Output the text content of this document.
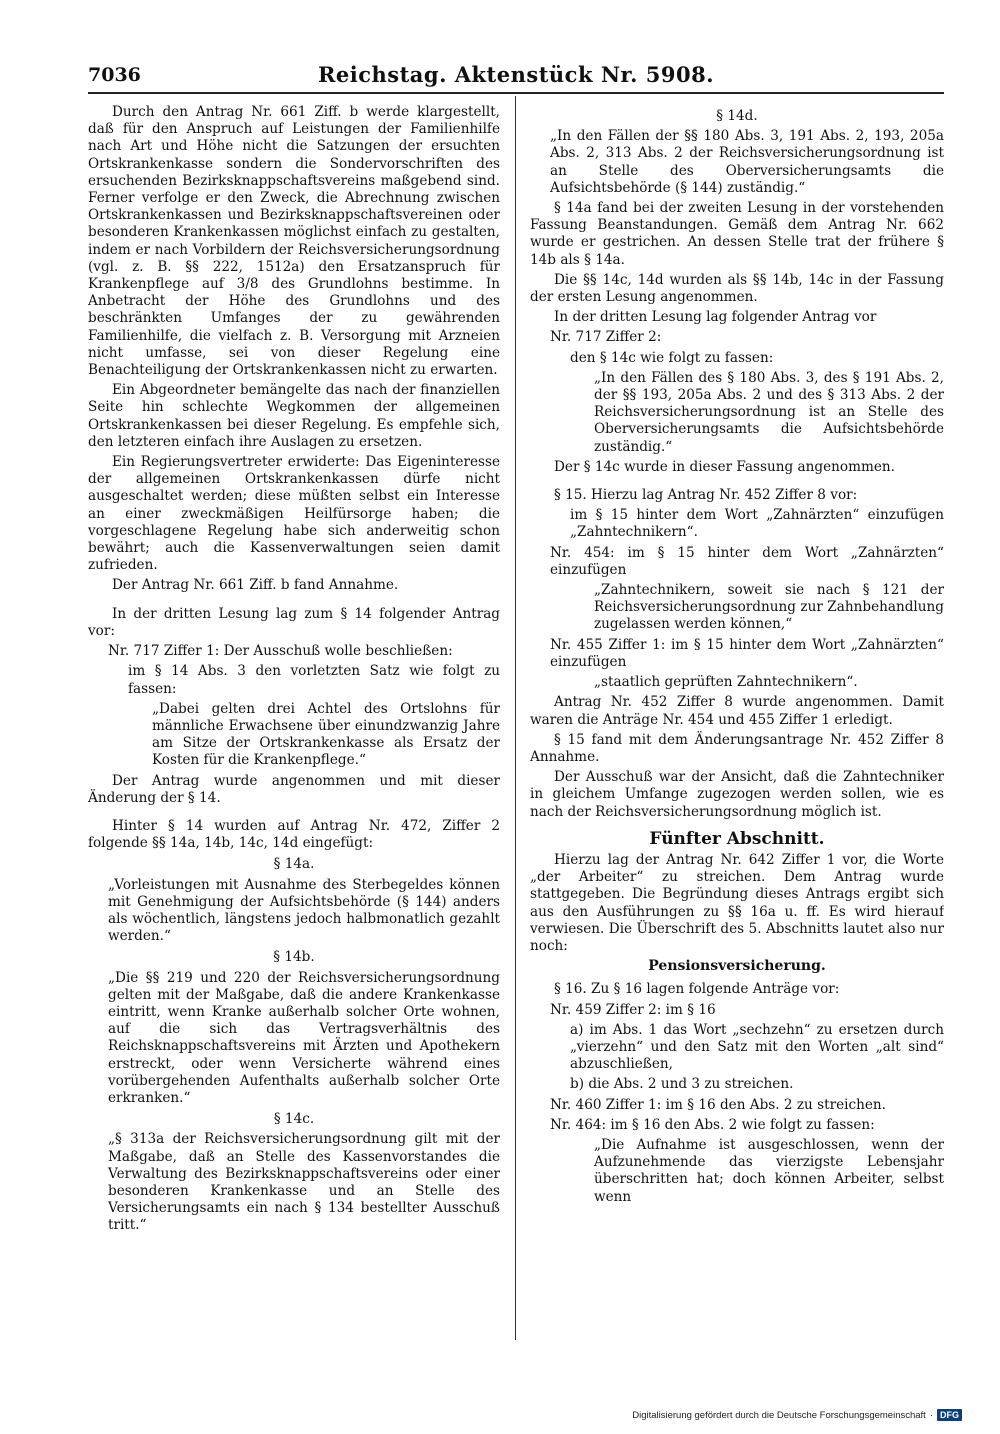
7036	Reichstag. Aktenstück Nr. 5908.
Durch den Antrag Nr. 661 Ziff. b werde klargestellt, daß für den Anspruch auf Leistungen der Familienhilfe nach Art und Höhe nicht die Satzungen der ersuchten Ortskrankenkasse sondern die Sondervorschriften des ersuchenden Bezirksknappschaftsvereins maßgebend sind. Ferner verfolge er den Zweck, die Abrechnung zwischen Ortskrankenkassen und Bezirksknappschaftsvereinen oder besonderen Krankenkassen möglichst einfach zu gestalten, indem er nach Vorbildern der Reichsversicherungsordnung (vgl. z. B. §§ 222, 1512a) den Ersatzanspruch für Krankenpflege auf 3/8 des Grundlohns bestimme. In Anbetracht der Höhe des Grundlohns und des beschränkten Umfanges der zu gewährenden Familienhilfe, die vielfach z. B. Versorgung mit Arzneien nicht umfasse, sei von dieser Regelung eine Benachteiligung der Ortskrankenkassen nicht zu erwarten.
Ein Abgeordneter bemängelte das nach der finanziellen Seite hin schlechte Wegkommen der allgemeinen Ortskrankenkassen bei dieser Regelung. Es empfehle sich, den letzteren einfach ihre Auslagen zu ersetzen.
Ein Regierungsvertreter erwiderte: Das Eigeninteresse der allgemeinen Ortskrankenkassen dürfe nicht ausgeschaltet werden; diese müßten selbst ein Interesse an einer zweckmäßigen Heilfürsorge haben; die vorgeschlagene Regelung habe sich anderweitig schon bewährt; auch die Kassenverwaltungen seien damit zufrieden.
Der Antrag Nr. 661 Ziff. b fand Annahme.
In der dritten Lesung lag zum § 14 folgender Antrag vor:
Nr. 717 Ziffer 1: Der Ausschuß wolle beschließen:
im § 14 Abs. 3 den vorletzten Satz wie folgt zu fassen:
„Dabei gelten drei Achtel des Ortslohns für männliche Erwachsene über einundzwanzig Jahre am Sitze der Ortskrankenkasse als Ersatz der Kosten für die Krankenpflege.“
Der Antrag wurde angenommen und mit dieser Änderung der § 14.
Hinter § 14 wurden auf Antrag Nr. 472, Ziffer 2 folgende §§ 14a, 14b, 14c, 14d eingefügt:
§ 14a.
„Vorleistungen mit Ausnahme des Sterbegeldes können mit Genehmigung der Aufsichtsbehörde (§ 144) anders als wöchentlich, längstens jedoch halbmonatlich gezahlt werden.“
§ 14b.
„Die §§ 219 und 220 der Reichsversicherungsordnung gelten mit der Maßgabe, daß die andere Krankenkasse eintritt, wenn Kranke außerhalb solcher Orte wohnen, auf die sich das Vertragsverhältnis des Reichsknappschaftsvereins mit Ärzten und Apothekern erstreckt, oder wenn Versicherte während eines vorübergehenden Aufenthalts außerhalb solcher Orte erkranken.“
§ 14c.
„§ 313a der Reichsversicherungsordnung gilt mit der Maßgabe, daß an Stelle des Kassenvorstandes die Verwaltung des Bezirksknappschaftsvereins oder einer besonderen Krankenkasse und an Stelle des Versicherungsamts ein nach § 134 bestellter Ausschuß tritt.“
§ 14d.
„In den Fällen der §§ 180 Abs. 3, 191 Abs. 2, 193, 205a Abs. 2, 313 Abs. 2 der Reichsversicherungsordnung ist an Stelle des Oberversicherungsamts die Aufsichtsbehörde (§ 144) zuständig.“
§ 14a fand bei der zweiten Lesung in der vorstehenden Fassung Beanstandungen. Gemäß dem Antrag Nr. 662 wurde er gestrichen. An dessen Stelle trat der frühere § 14b als § 14a.
Die §§ 14c, 14d wurden als §§ 14b, 14c in der Fassung der ersten Lesung angenommen.
In der dritten Lesung lag folgender Antrag vor
Nr. 717 Ziffer 2:
den § 14c wie folgt zu fassen:
„In den Fällen des § 180 Abs. 3, des § 191 Abs. 2, der §§ 193, 205a Abs. 2 und des § 313 Abs. 2 der Reichsversicherungsordnung ist an Stelle des Oberversicherungsamts die Aufsichtsbehörde zuständig.“
Der § 14c wurde in dieser Fassung angenommen.
§ 15. Hierzu lag Antrag Nr. 452 Ziffer 8 vor:
im § 15 hinter dem Wort „Zahnärzten“ einzufügen „Zahntechnikern“.
Nr. 454: im § 15 hinter dem Wort „Zahnärzten“ einzufügen
„Zahntechnikern, soweit sie nach § 121 der Reichsversicherungsordnung zur Zahnbehandlung zugelassen werden können,“
Nr. 455 Ziffer 1: im § 15 hinter dem Wort „Zahnärzten“ einzufügen
„staatlich geprüften Zahntechnikern“.
Antrag Nr. 452 Ziffer 8 wurde angenommen. Damit waren die Anträge Nr. 454 und 455 Ziffer 1 erledigt.
§ 15 fand mit dem Änderungsantrage Nr. 452 Ziffer 8 Annahme.
Der Ausschuß war der Ansicht, daß die Zahntechniker in gleichem Umfange zugezogen werden sollen, wie es nach der Reichsversicherungsordnung möglich ist.
Fünfter Abschnitt.
Hierzu lag der Antrag Nr. 642 Ziffer 1 vor, die Worte „der Arbeiter“ zu streichen. Dem Antrag wurde stattgegeben. Die Begründung dieses Antrags ergibt sich aus den Ausführungen zu §§ 16a u. ff. Es wird hierauf verwiesen. Die Überschrift des 5. Abschnitts lautet also nur noch:
Pensionsversicherung.
§ 16. Zu § 16 lagen folgende Anträge vor:
Nr. 459 Ziffer 2: im § 16
a) im Abs. 1 das Wort „sechzehn“ zu ersetzen durch „vierzehn“ und den Satz mit den Worten „alt sind“ abzuschließen,
b) die Abs. 2 und 3 zu streichen.
Nr. 460 Ziffer 1: im § 16 den Abs. 2 zu streichen.
Nr. 464: im § 16 den Abs. 2 wie folgt zu fassen:
„Die Aufnahme ist ausgeschlossen, wenn der Aufzunehmende das vierzigste Lebensjahr überschritten hat; doch können Arbeiter, selbst wenn
Digitalisierung gefördert durch die Deutsche Forschungsgemeinschaft · DFG
